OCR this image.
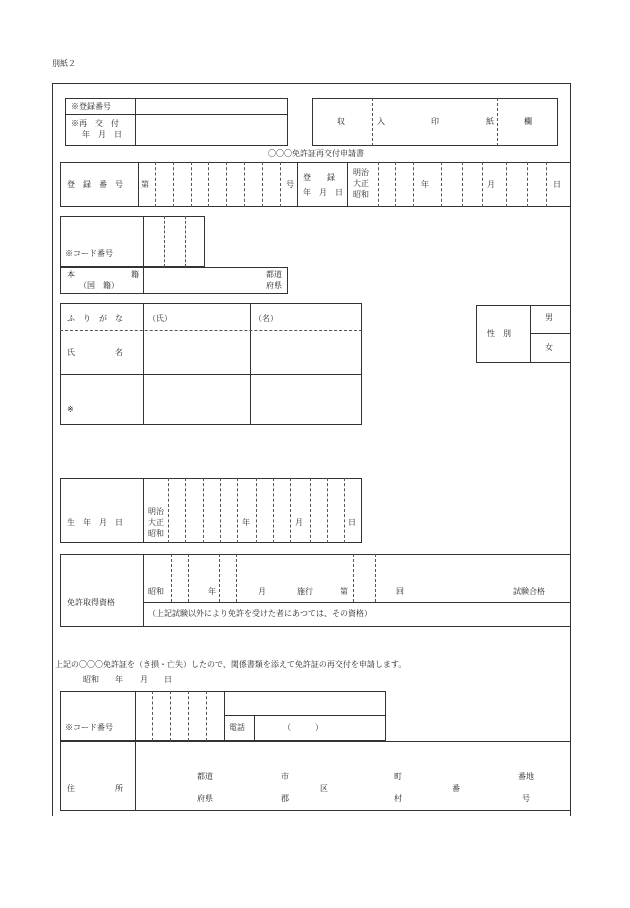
別紙２
※登録番号
※再　交　付
年　月　日
収	入	印	紙	欄
〇〇〇免許証再交付申請書
登　録　番　号 第	号
登　　録
年　月　日
明治
大正
昭和
年	月	日
※コード番号
本　　　　　　　籍
（国　籍）
都道
府県
ふ　り　が　な	（氏）	（名）
氏　　　　　名
※
性　別
男
女
生　年　月　日
明治
大正
昭和
年	月	日
免許取得資格
昭和	年	月	施行	第	回	試験合格
（上記試験以外により免許を受けた者にあつては、その資格）
上記の〇〇〇免許証を（き損・亡失）したので、関係書類を添えて免許証の再交付を申請します。
昭和 年 月 日
※コード番号	電話	（　　　）
住　　　　　所
都道
府県
市
郡
区
町
村
番
番地
号
